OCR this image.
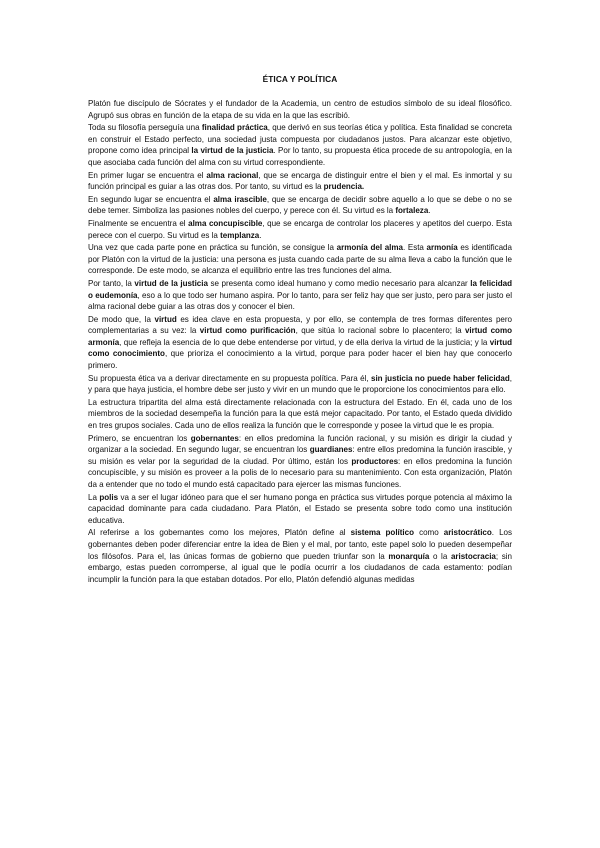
ÉTICA Y POLÍTICA

Platón fue discípulo de Sócrates y el fundador de la Academia, un centro de estudios símbolo de su ideal filosófico. Agrupó sus obras en función de la etapa de su vida en la que las escribió.

Toda su filosofía perseguía una finalidad práctica, que derivó en sus teorías ética y política. Esta finalidad se concreta en construir el Estado perfecto, una sociedad justa compuesta por ciudadanos justos. Para alcanzar este objetivo, propone como idea principal la virtud de la justicia. Por lo tanto, su propuesta ética procede de su antropología, en la que asociaba cada función del alma con su virtud correspondiente.

En primer lugar se encuentra el alma racional, que se encarga de distinguir entre el bien y el mal. Es inmortal y su función principal es guiar a las otras dos. Por tanto, su virtud es la prudencia.

En segundo lugar se encuentra el alma irascible, que se encarga de decidir sobre aquello a lo que se debe o no se debe temer. Simboliza las pasiones nobles del cuerpo, y perece con él. Su virtud es la fortaleza.

Finalmente se encuentra el alma concupiscible, que se encarga de controlar los placeres y apetitos del cuerpo. Esta perece con el cuerpo. Su virtud es la templanza.

Una vez que cada parte pone en práctica su función, se consigue la armonía del alma. Esta armonía es identificada por Platón con la virtud de la justicia: una persona es justa cuando cada parte de su alma lleva a cabo la función que le corresponde. De este modo, se alcanza el equilibrio entre las tres funciones del alma.

Por tanto, la virtud de la justicia se presenta como ideal humano y como medio necesario para alcanzar la felicidad o eudemonía, eso a lo que todo ser humano aspira. Por lo tanto, para ser feliz hay que ser justo, pero para ser justo el alma racional debe guiar a las otras dos y conocer el bien.

De modo que, la virtud es idea clave en esta propuesta, y por ello, se contempla de tres formas diferentes pero complementarias a su vez: la virtud como purificación, que sitúa lo racional sobre lo placentero; la virtud como armonía, que refleja la esencia de lo que debe entenderse por virtud, y de ella deriva la virtud de la justicia; y la virtud como conocimiento, que prioriza el conocimiento a la virtud, porque para poder hacer el bien hay que conocerlo primero.

Su propuesta ética va a derivar directamente en su propuesta política. Para él, sin justicia no puede haber felicidad, y para que haya justicia, el hombre debe ser justo y vivir en un mundo que le proporcione los conocimientos para ello.

La estructura tripartita del alma está directamente relacionada con la estructura del Estado. En él, cada uno de los miembros de la sociedad desempeña la función para la que está mejor capacitado. Por tanto, el Estado queda dividido en tres grupos sociales. Cada uno de ellos realiza la función que le corresponde y posee la virtud que le es propia.

Primero, se encuentran los gobernantes: en ellos predomina la función racional, y su misión es dirigir la ciudad y organizar a la sociedad. En segundo lugar, se encuentran los guardianes: entre ellos predomina la función irascible, y su misión es velar por la seguridad de la ciudad. Por último, están los productores: en ellos predomina la función concupiscible, y su misión es proveer a la polis de lo necesario para su mantenimiento. Con esta organización, Platón da a entender que no todo el mundo está capacitado para ejercer las mismas funciones.

La polis va a ser el lugar idóneo para que el ser humano ponga en práctica sus virtudes porque potencia al máximo la capacidad dominante para cada ciudadano. Para Platón, el Estado se presenta sobre todo como una institución educativa.

Al referirse a los gobernantes como los mejores, Platón define al sistema político como aristocrático. Los gobernantes deben poder diferenciar entre la idea de Bien y el mal, por tanto, este papel solo lo pueden desempeñar los filósofos. Para el, las únicas formas de gobierno que pueden triunfar son la monarquía o la aristocracia; sin embargo, estas pueden corromperse, al igual que le podía ocurrir a los ciudadanos de cada estamento: podían incumplir la función para la que estaban dotados. Por ello, Platón defendió algunas medidas
